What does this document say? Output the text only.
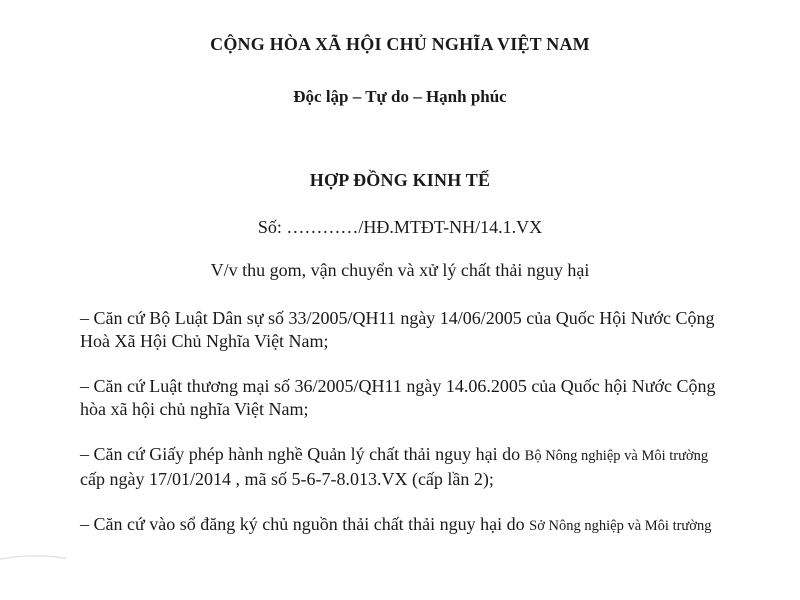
CỘNG HÒA XÃ HỘI CHỦ NGHĨA VIỆT NAM

Độc lập – Tự do – Hạnh phúc

HỢP ĐỒNG KINH TẾ

Số: …………/HĐ.MTĐT-NH/14.1.VX

V/v thu gom, vận chuyển và xử lý chất thải nguy hại

– Căn cứ Bộ Luật Dân sự số 33/2005/QH11 ngày 14/06/2005 của Quốc Hội Nước Cộng Hoà Xã Hội Chủ Nghĩa Việt Nam;

– Căn cứ Luật thương mại số 36/2005/QH11 ngày 14.06.2005 của Quốc hội Nước Cộng hòa xã hội chủ nghĩa Việt Nam;

– Căn cứ Giấy phép hành nghề Quản lý chất thải nguy hại do Bộ Nông nghiệp và Môi trường cấp ngày 17/01/2014 , mã số 5-6-7-8.013.VX (cấp lần 2);

– Căn cứ vào sổ đăng ký chủ nguồn thải chất thải nguy hại do Sở Nông nghiệp và Môi trường
